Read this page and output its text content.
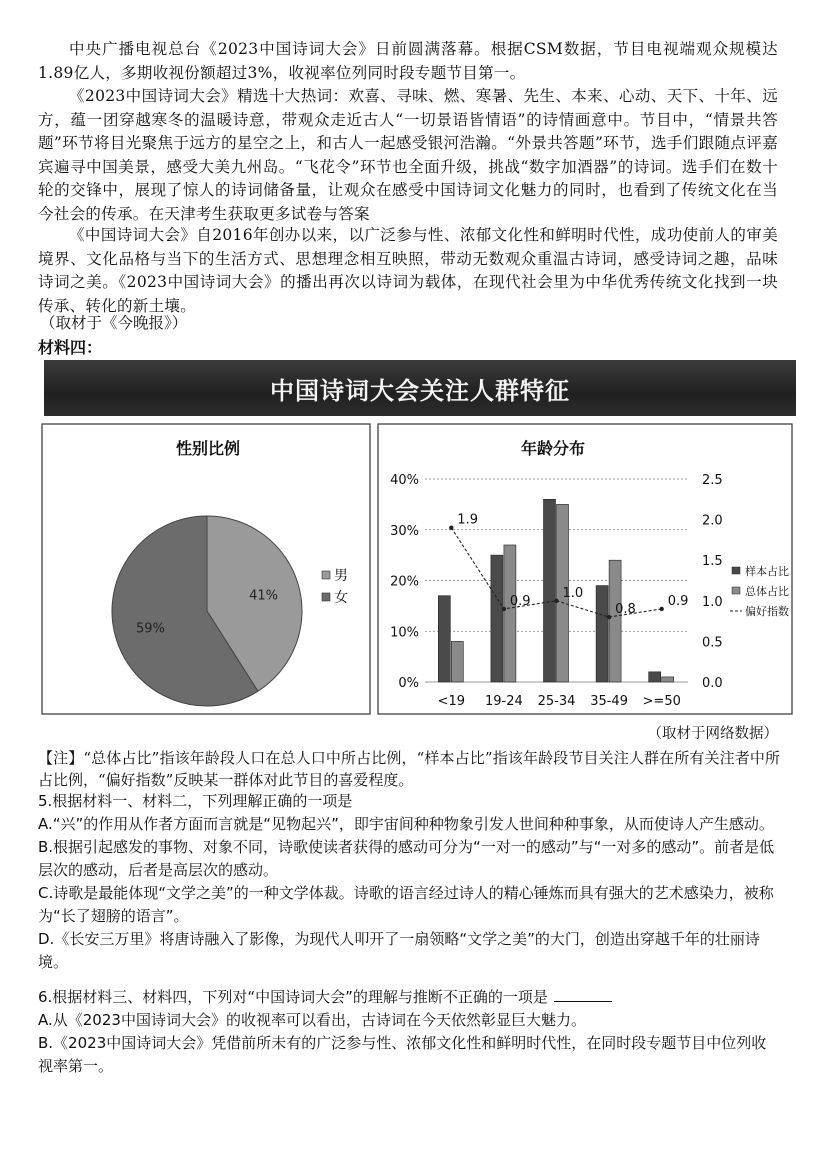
中央广播电视总台《2023中国诗词大会》日前圆满落幕。根据CSM数据，节目电视端观众规模达1.89亿人，多期收视份额超过3%，收视率位列同时段专题节目第一。
《2023中国诗词大会》精选十大热词：欢喜、寻味、燃、寒暑、先生、本来、心动、天下、十年、远方，蕴一团穿越寒冬的温暖诗意，带观众走近古人“一切景语皆情语”的诗情画意中。节目中，“情景共答题”环节将目光聚焦于远方的星空之上，和古人一起感受银河浩瀚。“外景共答题”环节，选手们跟随点评嘉宾遍寻中国美景，感受大美九州岛。“飞花令”环节也全面升级，挑战“数字加酒器”的诗词。选手们在数十轮的交锋中，展现了惊人的诗词储备量，让观众在感受中国诗词文化魅力的同时，也看到了传统文化在当今社会的传承。在天津考生获取更多试卷与答案
《中国诗词大会》自2016年创办以来，以广泛参与性、浓郁文化性和鲜明时代性，成功使前人的审美境界、文化品格与当下的生活方式、思想理念相互映照，带动无数观众重温古诗词，感受诗词之趣，品味诗词之美。《2023中国诗词大会》的播出再次以诗词为载体，在现代社会里为中华优秀传统文化找到一块传承、转化的新土壤。
（取材于《今晚报》）
材料四：
中国诗词大会关注人群特征
性别比例
41%
59%
男
女
年龄分布
0%
10%
20%
30%
40%
0.0
0.5
1.0
1.5
2.0
2.5
<19 19-24 25-34 35-49 >=50
1.9
0.9
1.0
0.8
0.9
样本占比
总体占比
偏好指数
（取材于网络数据）
【注】“总体占比”指该年龄段人口在总人口中所占比例，“样本占比”指该年龄段节目关注人群在所有关注者中所占比例，“偏好指数”反映某一群体对此节目的喜爱程度。
5.根据材料一、材料二，下列理解正确的一项是
A.“兴”的作用从作者方面而言就是“见物起兴”，即宇宙间种种物象引发人世间种种事象，从而使诗人产生感动。
B.根据引起感发的事物、对象不同，诗歌使读者获得的感动可分为“一对一的感动”与“一对多的感动”。前者是低层次的感动，后者是高层次的感动。
C.诗歌是最能体现“文学之美”的一种文学体裁。诗歌的语言经过诗人的精心锤炼而具有强大的艺术感染力，被称为“长了翅膀的语言”。
D.《长安三万里》将唐诗融入了影像，为现代人叩开了一扇领略“文学之美”的大门，创造出穿越千年的壮丽诗境。
6.根据材料三、材料四，下列对“中国诗词大会”的理解与推断不正确的一项是
A.从《2023中国诗词大会》的收视率可以看出，古诗词在今天依然彰显巨大魅力。
B.《2023中国诗词大会》凭借前所未有的广泛参与性、浓郁文化性和鲜明时代性，在同时段专题节目中位列收视率第一。
